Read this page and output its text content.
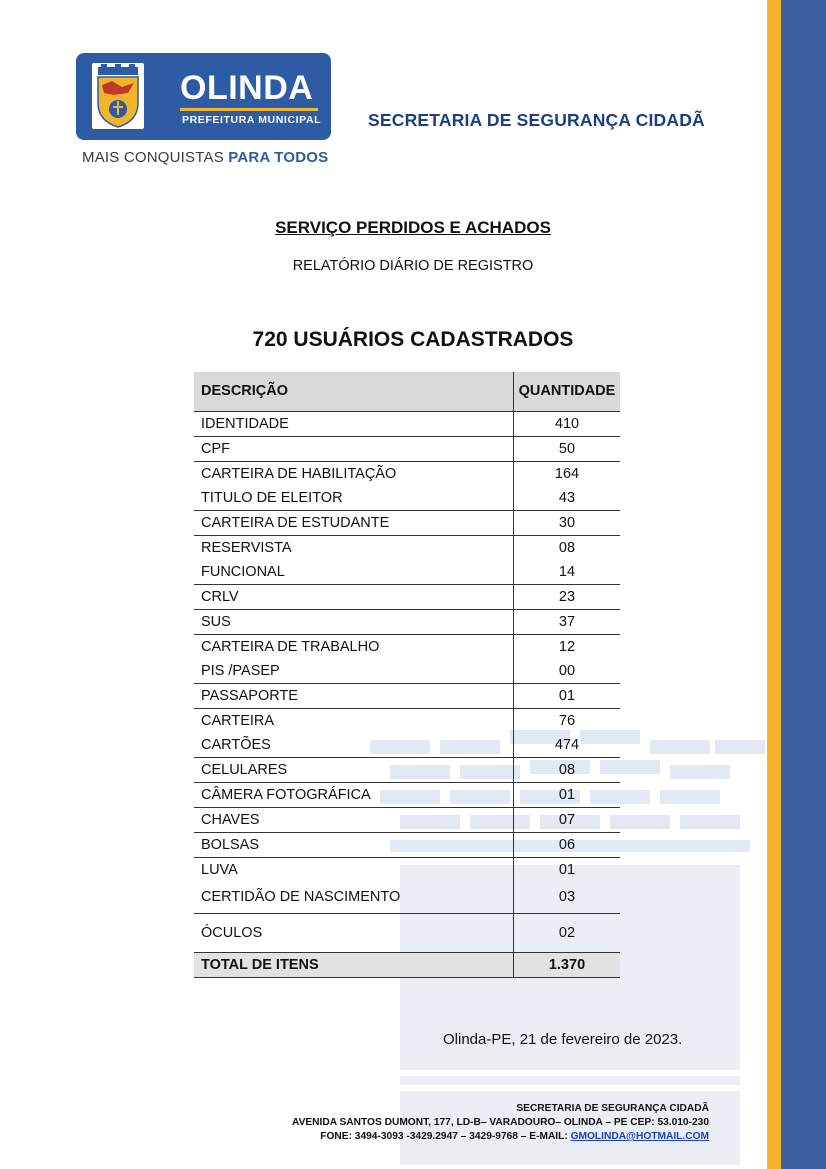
OLINDA
PREFEITURA MUNICIPAL
MAIS CONQUISTAS PARA TODOS
SECRETARIA DE SEGURANÇA CIDADÃ
SERVIÇO PERDIDOS E ACHADOS
RELATÓRIO DIÁRIO DE REGISTRO
720 USUÁRIOS CADASTRADOS
DESCRIÇÃO	QUANTIDADE
IDENTIDADE	410
CPF	50
CARTEIRA DE HABILITAÇÃO	164
TITULO DE ELEITOR	43
CARTEIRA DE ESTUDANTE	30
RESERVISTA	08
FUNCIONAL	14
CRLV	23
SUS	37
CARTEIRA DE TRABALHO	12
PIS /PASEP	00
PASSAPORTE	01
CARTEIRA	76
CARTÕES	474
CELULARES	08
CÂMERA FOTOGRÁFICA	01
CHAVES	07
BOLSAS	06
LUVA	01
CERTIDÃO DE NASCIMENTO	03
ÓCULOS	02
TOTAL DE ITENS	1.370
Olinda-PE, 21 de fevereiro de 2023.
SECRETARIA DE SEGURANÇA CIDADÃ
AVENIDA SANTOS DUMONT, 177, LD-B– VARADOURO– OLINDA – PE CEP: 53.010-230
FONE: 3494-3093 -3429.2947 – 3429-9768 – E-MAIL: GMOLINDA@HOTMAIL.COM
